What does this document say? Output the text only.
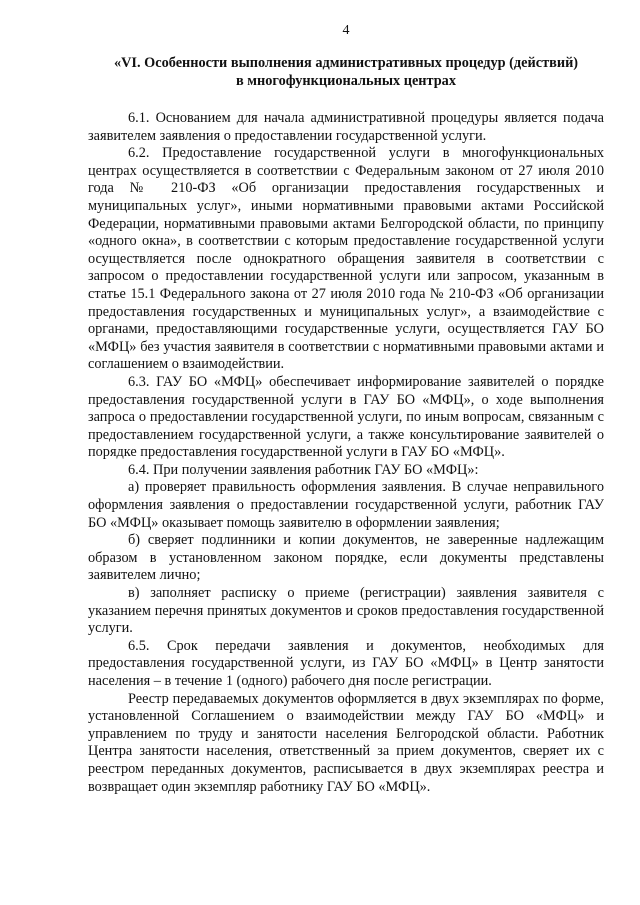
4
«VI. Особенности выполнения административных процедур (действий)
в многофункциональных центрах

6.1. Основанием для начала административной процедуры является подача заявителем заявления о предоставлении государственной услуги.

6.2. Предоставление государственной услуги в многофункциональных центрах осуществляется в соответствии с Федеральным законом от 27 июля 2010 года № 210-ФЗ «Об организации предоставления государственных и муниципальных услуг», иными нормативными правовыми актами Российской Федерации, нормативными правовыми актами Белгородской области, по принципу «одного окна», в соответствии с которым предоставление государственной услуги осуществляется после однократного обращения заявителя в соответствии с запросом о предоставлении государственной услуги или запросом, указанным в статье 15.1 Федерального закона от 27 июля 2010 года № 210-ФЗ «Об организации предоставления государственных и муниципальных услуг», а взаимодействие с органами, предоставляющими государственные услуги, осуществляется ГАУ БО «МФЦ» без участия заявителя в соответствии с нормативными правовыми актами и соглашением о взаимодействии.

6.3. ГАУ БО «МФЦ» обеспечивает информирование заявителей о порядке предоставления государственной услуги в ГАУ БО «МФЦ», о ходе выполнения запроса о предоставлении государственной услуги, по иным вопросам, связанным с предоставлением государственной услуги, а также консультирование заявителей о порядке предоставления государственной услуги в ГАУ БО «МФЦ».

6.4. При получении заявления работник ГАУ БО «МФЦ»:

а) проверяет правильность оформления заявления. В случае неправильного оформления заявления о предоставлении государственной услуги, работник ГАУ БО «МФЦ» оказывает помощь заявителю в оформлении заявления;

б) сверяет подлинники и копии документов, не заверенные надлежащим образом в установленном законом порядке, если документы представлены заявителем лично;

в) заполняет расписку о приеме (регистрации) заявления заявителя с указанием перечня принятых документов и сроков предоставления государственной услуги.

6.5. Срок передачи заявления и документов, необходимых для предоставления государственной услуги, из ГАУ БО «МФЦ» в Центр занятости населения – в течение 1 (одного) рабочего дня после регистрации.

Реестр передаваемых документов оформляется в двух экземплярах по форме, установленной Соглашением о взаимодействии между ГАУ БО «МФЦ» и управлением по труду и занятости населения Белгородской области. Работник Центра занятости населения, ответственный за прием документов, сверяет их с реестром переданных документов, расписывается в двух экземплярах реестра и возвращает один экземпляр работнику ГАУ БО «МФЦ».
